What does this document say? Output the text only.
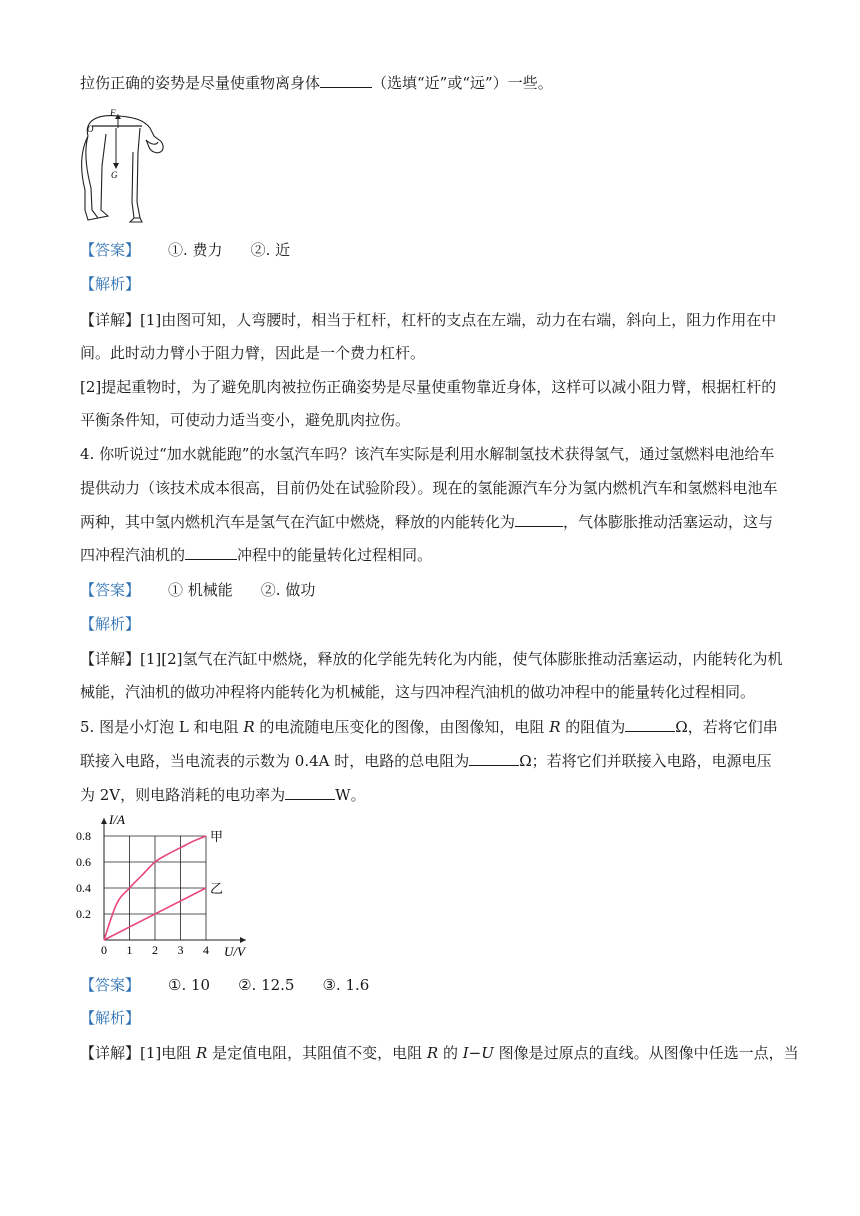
拉伤正确的姿势是尽量使重物离身体	（选填“近”或“远”）一些。
F
O
G
【答案】 ①. 费力 ②. 近
【解析】
【详解】[1]由图可知，人弯腰时，相当于杠杆，杠杆的支点在左端，动力在右端，斜向上，阻力作用在中
间。此时动力臂小于阻力臂，因此是一个费力杠杆。
[2]提起重物时，为了避免肌肉被拉伤正确姿势是尽量使重物靠近身体，这样可以减小阻力臂，根据杠杆的
平衡条件知，可使动力适当变小，避免肌肉拉伤。
4. 你听说过“加水就能跑”的水氢汽车吗？该汽车实际是利用水解制氢技术获得氢气，通过氢燃料电池给车
提供动力（该技术成本很高，目前仍处在试验阶段）。现在的氢能源汽车分为氢内燃机汽车和氢燃料电池车
两种，其中氢内燃机汽车是氢气在汽缸中燃烧，释放的内能转化为	，气体膨胀推动活塞运动，这与
四冲程汽油机的	冲程中的能量转化过程相同。
【答案】 ① 机械能 ②. 做功
【解析】
【详解】[1][2]氢气在汽缸中燃烧，释放的化学能先转化为内能，使气体膨胀推动活塞运动，内能转化为机
械能，汽油机的做功冲程将内能转化为机械能，这与四冲程汽油机的做功冲程中的能量转化过程相同。
5. 图是小灯泡 L 和电阻 R 的电流随电压变化的图像，由图像知，电阻 R 的阻值为	Ω，若将它们串
联接入电路，当电流表的示数为 0.4A 时，电路的总电阻为	Ω；若将它们并联接入电路，电源电压
为 2V，则电路消耗的电功率为	W。
I/A
U/V
0 1 2 3 4
0.2
0.4
0.6
0.8	甲
乙
【答案】 ①. 10 ②. 12.5 ③. 1.6
【解析】
【详解】[1]电阻 R 是定值电阻，其阻值不变，电阻 R 的 I−U 图像是过原点的直线。从图像中任选一点，当
